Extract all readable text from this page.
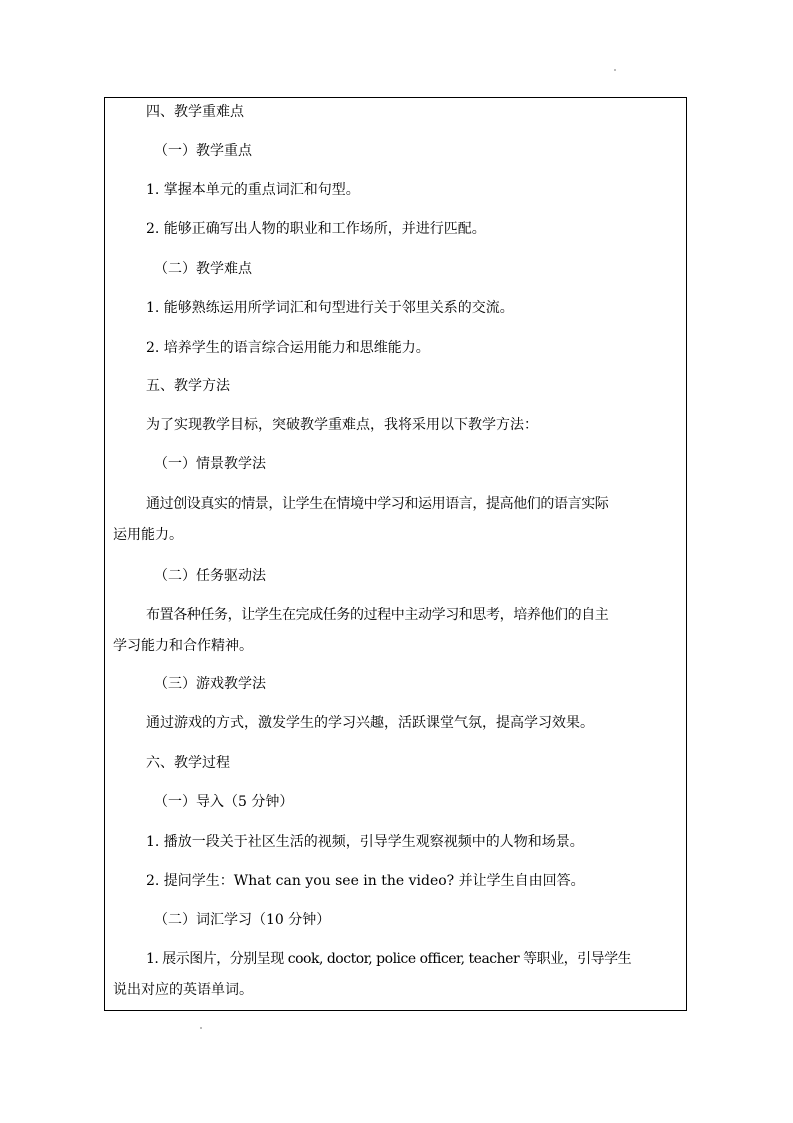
四、教学重难点
（一）教学重点
1. 掌握本单元的重点词汇和句型。
2. 能够正确写出人物的职业和工作场所，并进行匹配。
（二）教学难点
1. 能够熟练运用所学词汇和句型进行关于邻里关系的交流。
2. 培养学生的语言综合运用能力和思维能力。
五、教学方法
为了实现教学目标，突破教学重难点，我将采用以下教学方法：
（一）情景教学法
通过创设真实的情景，让学生在情境中学习和运用语言，提高他们的语言实际
运用能力。
（二）任务驱动法
布置各种任务，让学生在完成任务的过程中主动学习和思考，培养他们的自主
学习能力和合作精神。
（三）游戏教学法
通过游戏的方式，激发学生的学习兴趣，活跃课堂气氛，提高学习效果。
六、教学过程
（一）导入（5 分钟）
1. 播放一段关于社区生活的视频，引导学生观察视频中的人物和场景。
2. 提问学生：What can you see in the video? 并让学生自由回答。
（二）词汇学习（10 分钟）
1. 展示图片，分别呈现 cook, doctor, police officer, teacher 等职业，引导学生
说出对应的英语单词。
